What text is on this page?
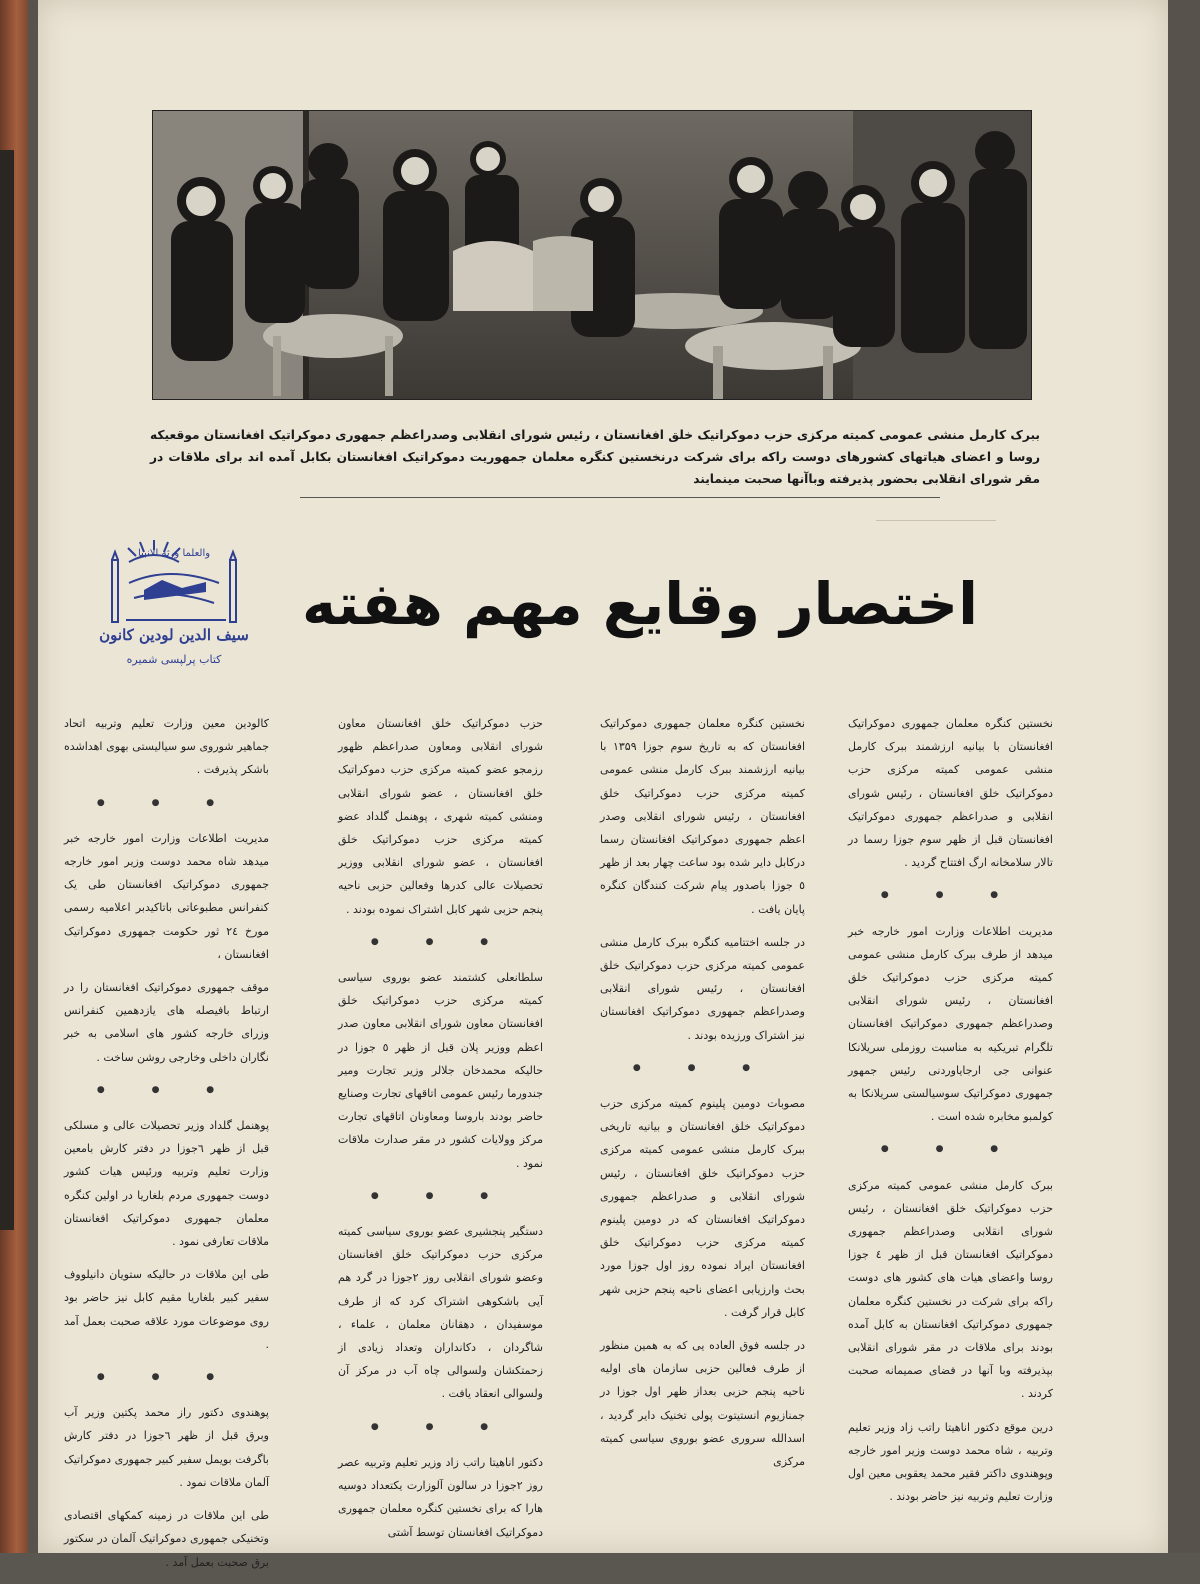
ببرک کارمل منشی عمومی کمیته مرکزی حزب دموکراتیک خلق افغانستان ، رئیس شورای انقلابی وصدراعظم جمهوری دموکراتیک افغانستان موقعیکه روسا و اعضای هیاتهای کشورهای دوست راکه برای شرکت درنخستین کنگره معلمان جمهوریت دموکراتیک افغانستان بکابل آمده اند برای ملاقات در مقر شورای انقلابی بحضور پذیرفته وباآنها صحبت مینمایند
والعلما ورثة الانبیا
سیف الدین لودین کانون
کتاب پرلپسی شمیره
اختصار وقایع مهم هفته

نخستین کنگره معلمان جمهوری دموکراتیک افغانستان با بیانیه ارزشمند ببرک کارمل منشی عمومی کمیته مرکزی حزب دموکراتیک خلق افغانستان ، رئیس شورای انقلابی و صدراعظم جمهوری دموکراتیک افغانستان قبل از ظهر سوم جوزا رسما در تالار سلامخانه ارگ افتتاح گردید .

● ● ●

مدیریت اطلاعات وزارت امور خارجه خبر میدهد از طرف ببرک کارمل منشی عمومی کمیته مرکزی حزب دموکراتیک خلق افغانستان ، رئیس شورای انقلابی وصدراعظم جمهوری دموکراتیک افغانستان تلگرام تبریکیه به مناسبت روزملی سریلانکا عنوانی جی ارجایاوردنی رئیس جمهور جمهوری دموکراتیک سوسیالستی سریلانکا به کولمبو مخابره شده است .

● ● ●

ببرک کارمل منشی عمومی کمیته مرکزی حزب دموکراتیک خلق افغانستان ، رئیس شورای انقلابی وصدراعظم جمهوری دموکراتیک افغانستان قبل از ظهر ٤ جوزا روسا واعضای هیات های کشور های دوست راکه برای شرکت در نخستین کنگره معلمان جمهوری دموکراتیک افغانستان به کابل آمده بودند برای ملاقات در مقر شورای انقلابی بپذیرفته وبا آنها در فضای صمیمانه صحبت کردند .

درین موقع دکتور اناهیتا راتب زاد وزیر تعلیم وتربیه ، شاه محمد دوست وزیر امور خارجه وپوهندوی داکتر فقیر محمد یعقوبی معین اول وزارت تعلیم وتربیه نیز حاضر بودند .

نخستین کنگره معلمان جمهوری دموکراتیک افغانستان که به تاریخ سوم جوزا ۱۳۵۹ با بیانیه ارزشمند ببرک کارمل منشی عمومی کمیته مرکزی حزب دموکراتیک خلق افغانستان ، رئیس شورای انقلابی وصدر اعظم جمهوری دموکراتیک افغانستان رسما درکابل دایر شده بود ساعت چهار بعد از ظهر ٥ جوزا باصدور پیام شرکت کنندگان کنگره پایان یافت .

در جلسه اختتامیه کنگره ببرک کارمل منشی عمومی کمیته مرکزی حزب دموکراتیک خلق افغانستان ، رئیس شورای انقلابی وصدراعظم جمهوری دموکراتیک افغانستان نیز اشتراک ورزیده بودند .

● ● ●

مصوبات دومین پلینوم کمیته مرکزی حزب دموکراتیک خلق افغانستان و بیانیه تاریخی ببرک کارمل منشی عمومی کمیته مرکزی حزب دموکراتیک خلق افغانستان ، رئیس شورای انقلابی و صدراعظم جمهوری دموکراتیک افغانستان که در دومین پلینوم کمیته مرکزی حزب دموکراتیک خلق افغانستان ایراد نموده روز اول جوزا مورد بحث وارزیابی اعضای ناحیه پنجم حزبی شهر کابل قرار گرفت .

در جلسه فوق العاده یی که به همین منظور از طرف فعالین حزبی سازمان های اولیه ناحیه پنجم حزبی بعداز ظهر اول جوزا در جمنازیوم انستیتوت پولی تخنیک دایر گردید ، اسدالله سروری عضو بوروی سیاسی کمیته مرکزی

حزب دموکراتیک خلق افغانستان معاون شورای انقلابی ومعاون صدراعظم ظهور رزمجو عضو کمیته مرکزی حزب دموکراتیک خلق افغانستان ، عضو شورای انقلابی ومنشی کمیته شهری ، پوهنمل گلداد عضو کمیته مرکزی حزب دموکراتیک خلق افغانستان ، عضو شورای انقلابی ووزیر تحصیلات عالی کدرها وفعالین حزبی ناحیه پنجم حزبی شهر کابل اشتراک نموده بودند .

● ● ●

سلطانعلی کشتمند عضو بوروی سیاسی کمیته مرکزی حزب دموکراتیک خلق افغانستان معاون شورای انقلابی معاون صدر اعظم ووزیر پلان قبل از ظهر ٥ جوزا در حالیکه محمدخان جلالر وزیر تجارت ومیر جندورما رئیس عمومی اتاقهای تجارت وصنایع حاضر بودند باروسا ومعاونان اتاقهای تجارت مرکز وولایات کشور در مقر صدارت ملاقات نمود .

● ● ●

دستگیر پنجشیری عضو بوروی سیاسی کمیته مرکزی حزب دموکراتیک خلق افغانستان وعضو شورای انقلابی روز ٢جوزا در گرد هم آیی باشکوهی اشتراک کرد که از طرف موسفیدان ، دهقانان معلمان ، علماء ، شاگردان ، دکانداران وتعداد زیادی از زحمتکشان ولسوالی چاه آب در مرکز آن ولسوالی انعقاد یافت .

● ● ●

دکتور اناهیتا راتب زاد وزیر تعلیم وتربیه عصر روز ٢جوزا در سالون آلوزارت یکتعداد دوسیه هارا که برای نخستین کنگره معلمان جمهوری دموکراتیک افغانستان توسط آشتی

کالودین معین وزارت تعلیم وتربیه اتحاد جماهیر شوروی سو سیالیستی بهوی اهداشده باشکر پذیرفت .

● ● ●

مدیریت اطلاعات وزارت امور خارجه خبر میدهد شاه محمد دوست وزیر امور خارجه جمهوری دموکراتیک افغانستان طی یک کنفرانس مطبوعاتی باتاکیدبر اعلامیه رسمی مورخ ٢٤ ثور حکومت جمهوری دموکراتیک افغانستان ،

موقف جمهوری دموکراتیک افغانستان را در ارتباط بافیصله های یازدهمین کنفرانس وزرای خارجه کشور های اسلامی به خبر نگاران داخلی وخارجی روشن ساخت .

● ● ●

پوهنمل گلداد وزیر تحصیلات عالی و مسلکی قبل از ظهر ٦جوزا در دفتر کارش بامعین وزارت تعلیم وتربیه ورئیس هیات کشور دوست جمهوری مردم بلغاریا در اولین کنگره معلمان جمهوری دموکراتیک افغانستان ملاقات تعارفی نمود .

طی این ملاقات در حالیکه ستویان دانیلووف سفیر کبیر بلغاریا مقیم کابل نیز حاضر بود روی موضوعات مورد علاقه صحبت بعمل آمد .

● ● ●

پوهندوی دکتور راز محمد پکتین وزیر آب وبرق قبل از ظهر ٦جوزا در دفتر کارش باگرفت بویمل سفیر کبیر جمهوری دموکراتیک آلمان ملاقات نمود .

طی این ملاقات در زمینه کمکهای اقتصادی وتخنیکی جمهوری دموکراتیک آلمان در سکتور برق صحبت بعمل آمد .
